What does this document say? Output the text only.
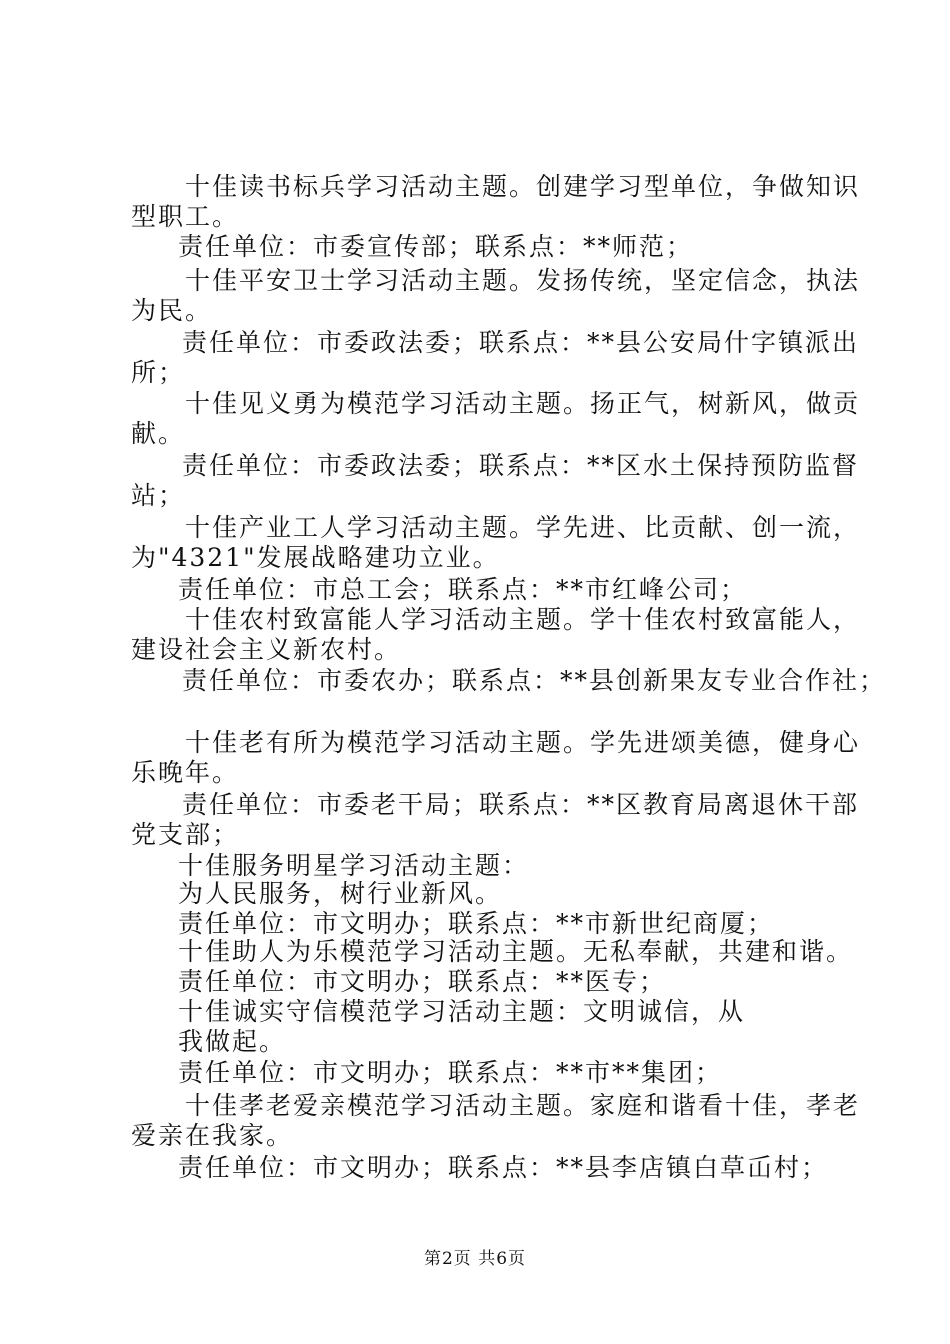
十佳读书标兵学习活动主题。创建学习型单位，争做知识
型职工。
责任单位：市委宣传部；联系点：**师范；
十佳平安卫士学习活动主题。发扬传统，坚定信念，执法
为民。
责任单位：市委政法委；联系点：**县公安局什字镇派出
所；
十佳见义勇为模范学习活动主题。扬正气，树新风，做贡
献。
责任单位：市委政法委；联系点：**区水土保持预防监督
站；
十佳产业工人学习活动主题。学先进、比贡献、创一流，
为"4321"发展战略建功立业。
责任单位：市总工会；联系点：**市红峰公司；
十佳农村致富能人学习活动主题。学十佳农村致富能人，
建设社会主义新农村。
责任单位：市委农办；联系点：**县创新果友专业合作社；
十佳老有所为模范学习活动主题。学先进颂美德，健身心
乐晚年。
责任单位：市委老干局；联系点：**区教育局离退休干部
党支部；
十佳服务明星学习活动主题：
为人民服务，树行业新风。
责任单位：市文明办；联系点：**市新世纪商厦；
十佳助人为乐模范学习活动主题。无私奉献，共建和谐。
责任单位：市文明办；联系点：**医专；
十佳诚实守信模范学习活动主题：文明诚信，从
我做起。
责任单位：市文明办；联系点：**市**集团；
十佳孝老爱亲模范学习活动主题。家庭和谐看十佳，孝老
爱亲在我家。
责任单位：市文明办；联系点：**县李店镇白草屲村；
第2页 共6页
